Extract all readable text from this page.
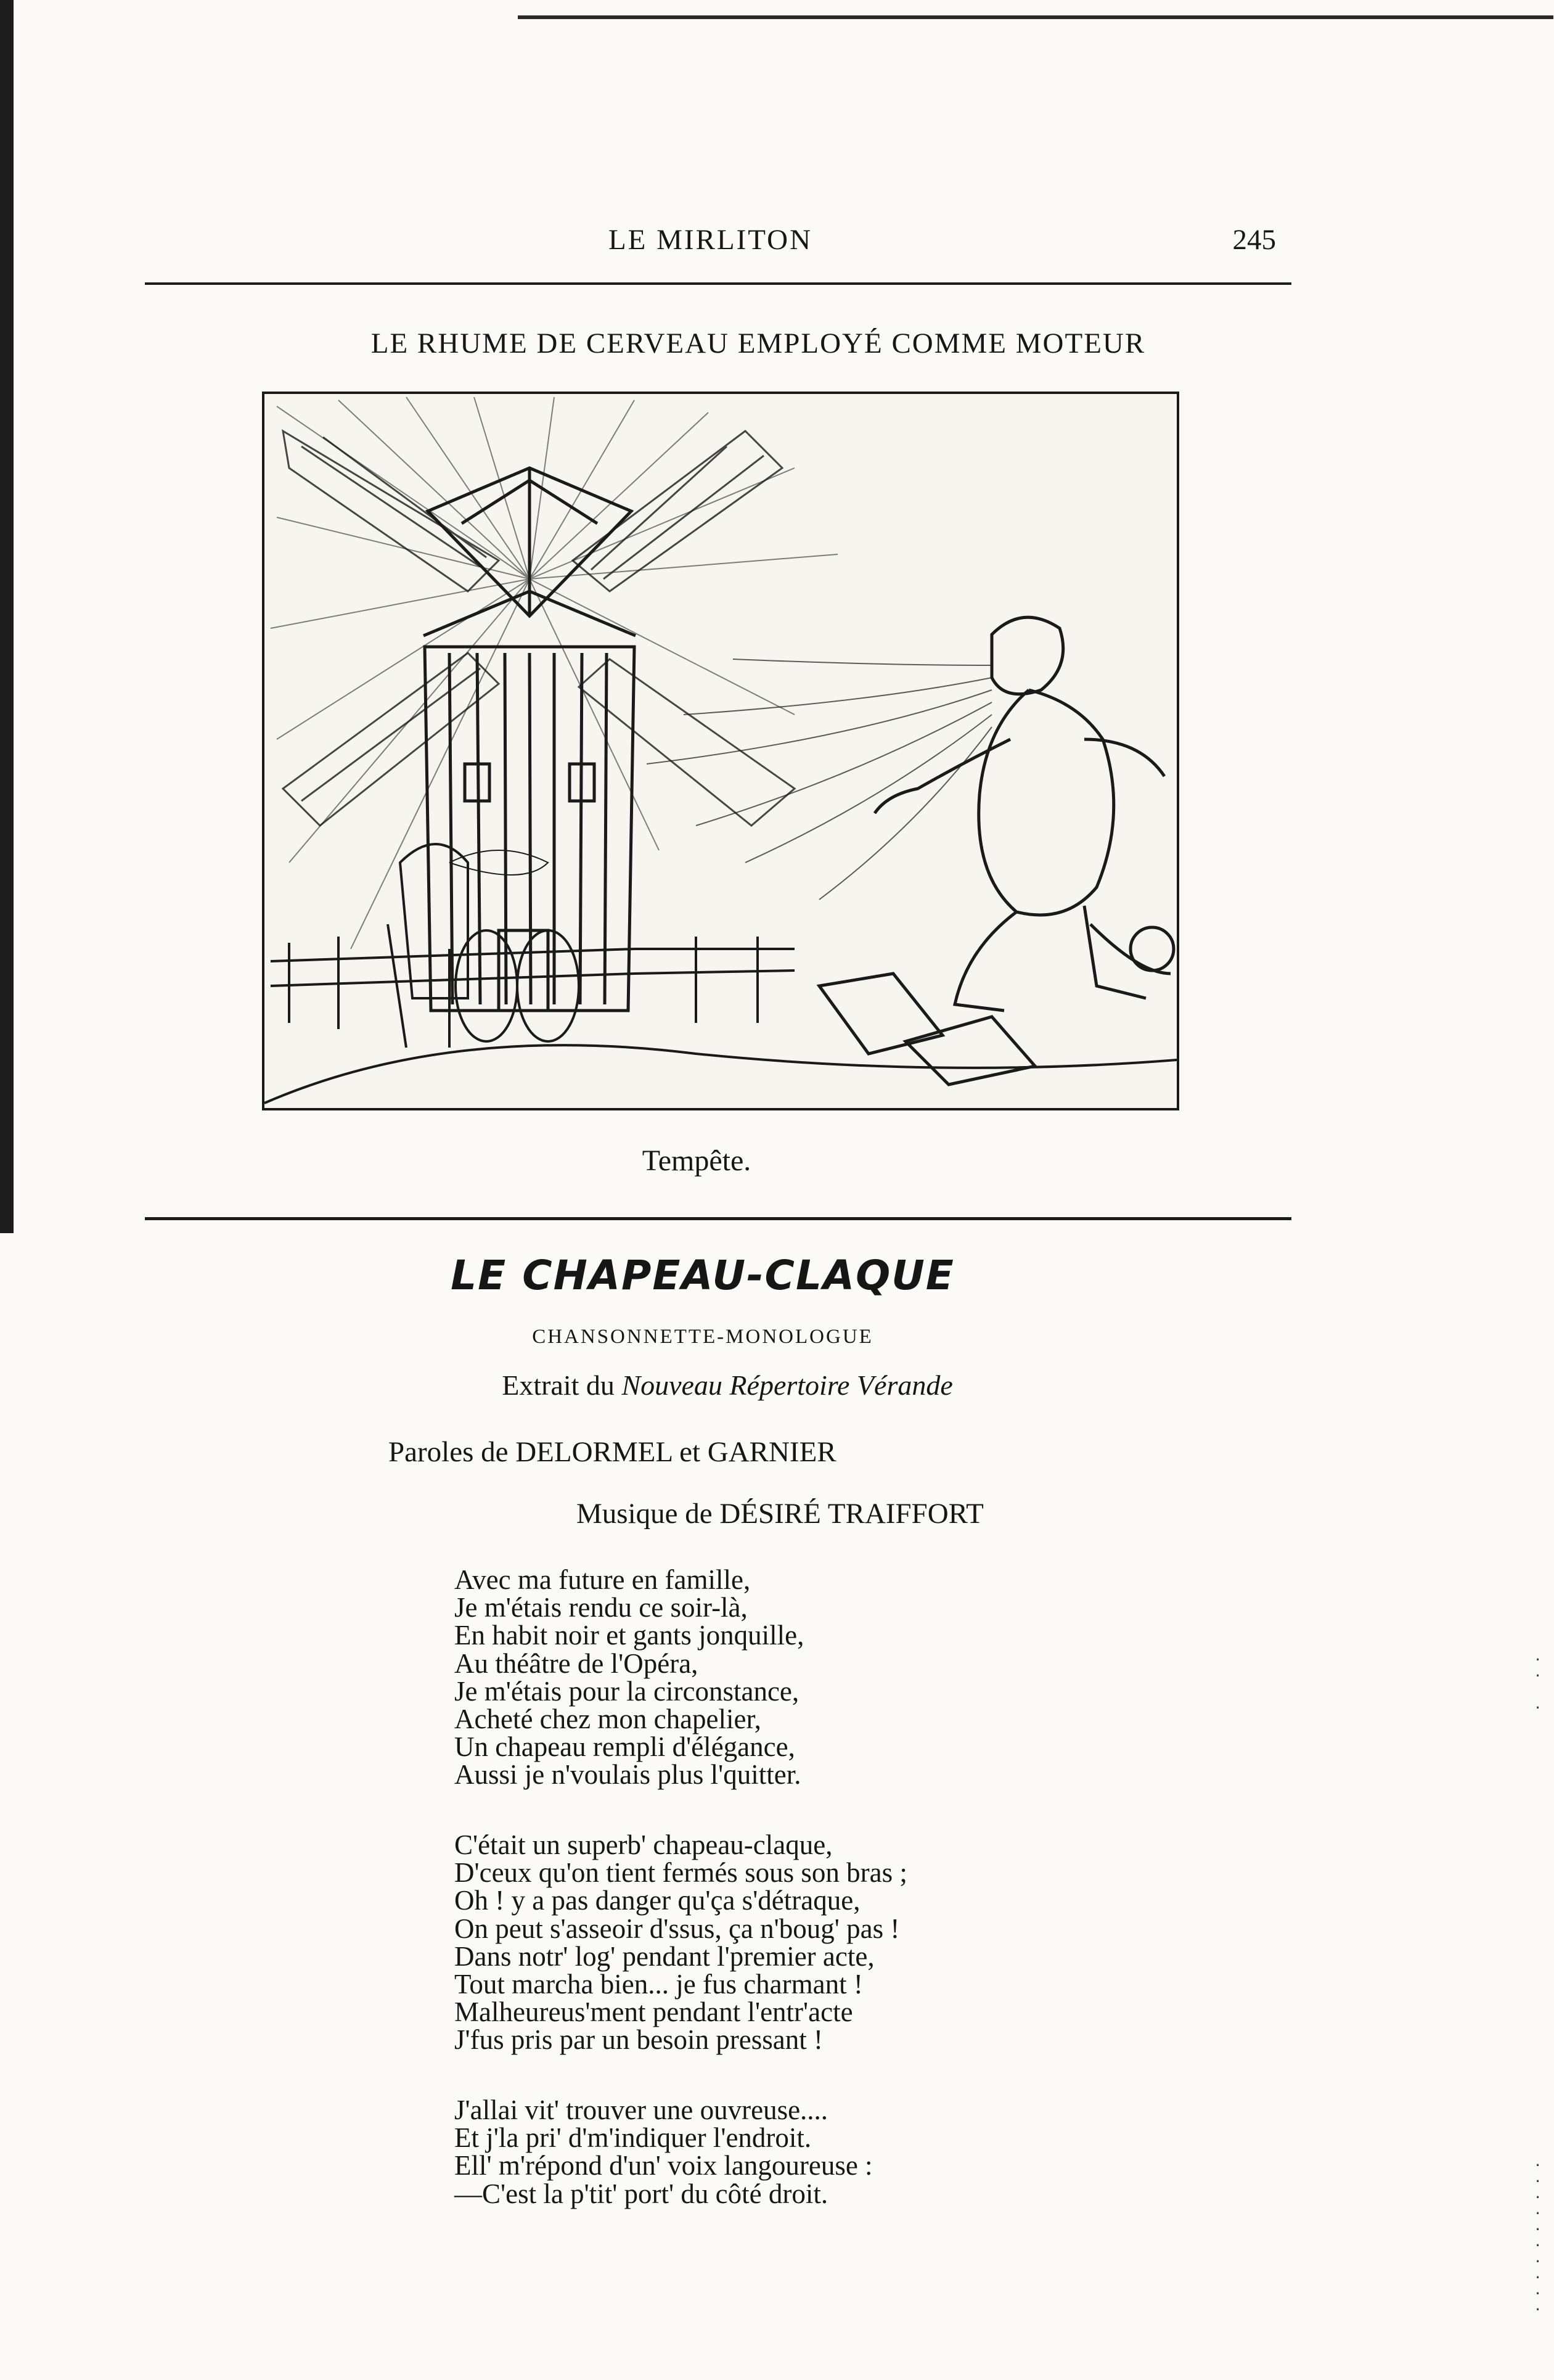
LE MIRLITON	245
LE RHUME DE CERVEAU EMPLOYÉ COMME MOTEUR
Tempête.
LE CHAPEAU-CLAQUE
CHANSONNETTE-MONOLOGUE
Extrait du Nouveau Répertoire Vérande
Paroles de DELORMEL et GARNIER
Musique de DÉSIRÉ TRAIFFORT
Avec ma future en famille,
Je m'étais rendu ce soir-là,
En habit noir et gants jonquille,
Au théâtre de l'Opéra,
Je m'étais pour la circonstance,
Acheté chez mon chapelier,
Un chapeau rempli d'élégance,
Aussi je n'voulais plus l'quitter.
C'était un superb' chapeau-claque,
D'ceux qu'on tient fermés sous son bras ;
Oh ! y a pas danger qu'ça s'détraque,
On peut s'asseoir d'ssus, ça n'boug' pas !
Dans notr' log' pendant l'premier acte,
Tout marcha bien... je fus charmant !
Malheureus'ment pendant l'entr'acte
J'fus pris par un besoin pressant !
J'allai vit' trouver une ouvreuse....
Et j'la pri' d'm'indiquer l'endroit.
Ell' m'répond d'un' voix langoureuse :
—C'est la p'tit' port' du côté droit.
·
·

·
·
·
·
·
·
·
·
·
·
·
